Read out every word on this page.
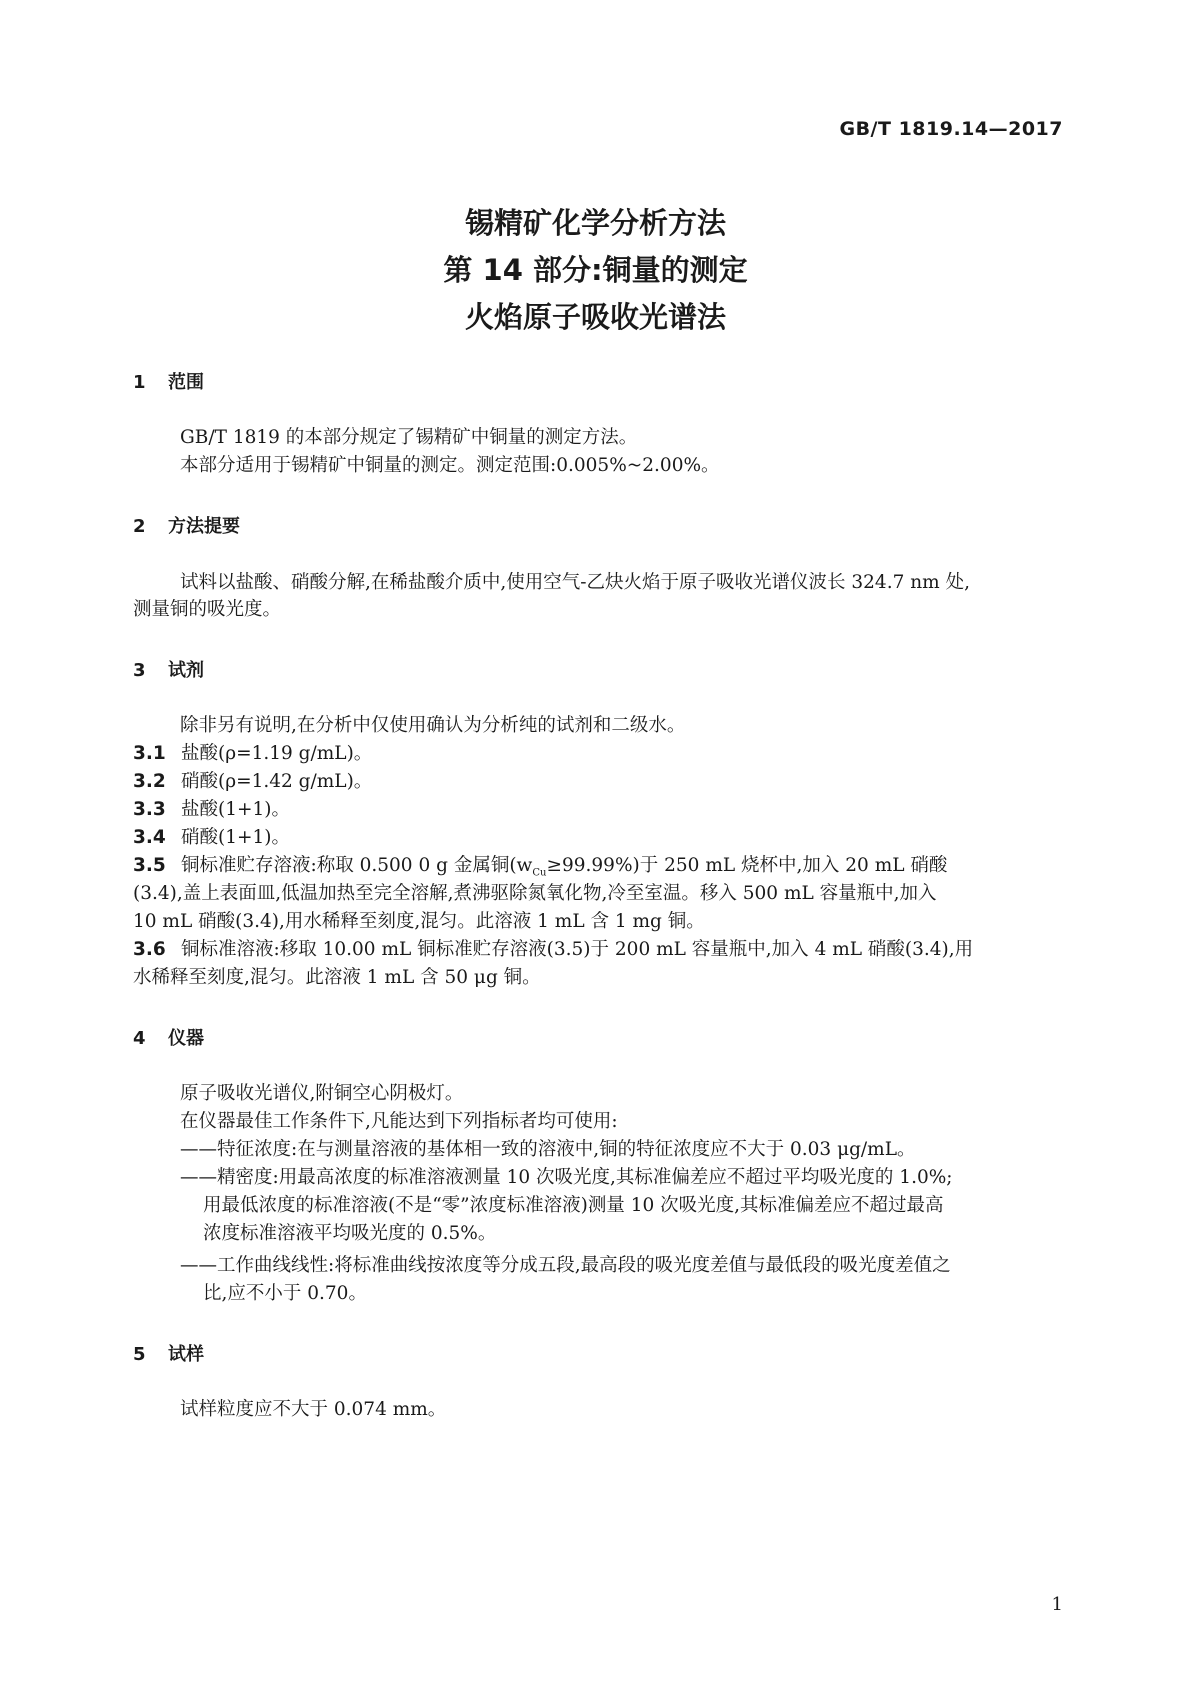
GB/T 1819.14—2017
锡精矿化学分析方法
第 14 部分:铜量的测定
火焰原子吸收光谱法
1 范围
GB/T 1819 的本部分规定了锡精矿中铜量的测定方法。
本部分适用于锡精矿中铜量的测定。测定范围:0.005%~2.00%。
2 方法提要
试料以盐酸、硝酸分解,在稀盐酸介质中,使用空气-乙炔火焰于原子吸收光谱仪波长 324.7 nm 处,
测量铜的吸光度。
3 试剂
除非另有说明,在分析中仅使用确认为分析纯的试剂和二级水。
3.1 盐酸(ρ=1.19 g/mL)。
3.2 硝酸(ρ=1.42 g/mL)。
3.3 盐酸(1+1)。
3.4 硝酸(1+1)。
3.5 铜标准贮存溶液:称取 0.500 0 g 金属铜$(w_{Cu}\ge 99.99\%)$于 250 mL 烧杯中,加入 20 mL 硝酸
(3.4),盖上表面皿,低温加热至完全溶解,煮沸驱除氮氧化物,冷至室温。移入 500 mL 容量瓶中,加入
10 mL 硝酸(3.4),用水稀释至刻度,混匀。此溶液 1 mL 含 1 mg 铜。
3.6 铜标准溶液:移取 10.00 mL 铜标准贮存溶液(3.5)于 200 mL 容量瓶中,加入 4 mL 硝酸(3.4),用
水稀释至刻度,混匀。此溶液 1 mL 含 50 μg 铜。
4 仪器
原子吸收光谱仪,附铜空心阴极灯。
在仪器最佳工作条件下,凡能达到下列指标者均可使用:
——特征浓度:在与测量溶液的基体相一致的溶液中,铜的特征浓度应不大于 0.03 μg/mL。
——精密度:用最高浓度的标准溶液测量 10 次吸光度,其标准偏差应不超过平均吸光度的 1.0%;
用最低浓度的标准溶液(不是“零”浓度标准溶液)测量 10 次吸光度,其标准偏差应不超过最高
浓度标准溶液平均吸光度的 0.5%。
——工作曲线线性:将标准曲线按浓度等分成五段,最高段的吸光度差值与最低段的吸光度差值之
比,应不小于 0.70。
5 试样
试样粒度应不大于 0.074 mm。
1
